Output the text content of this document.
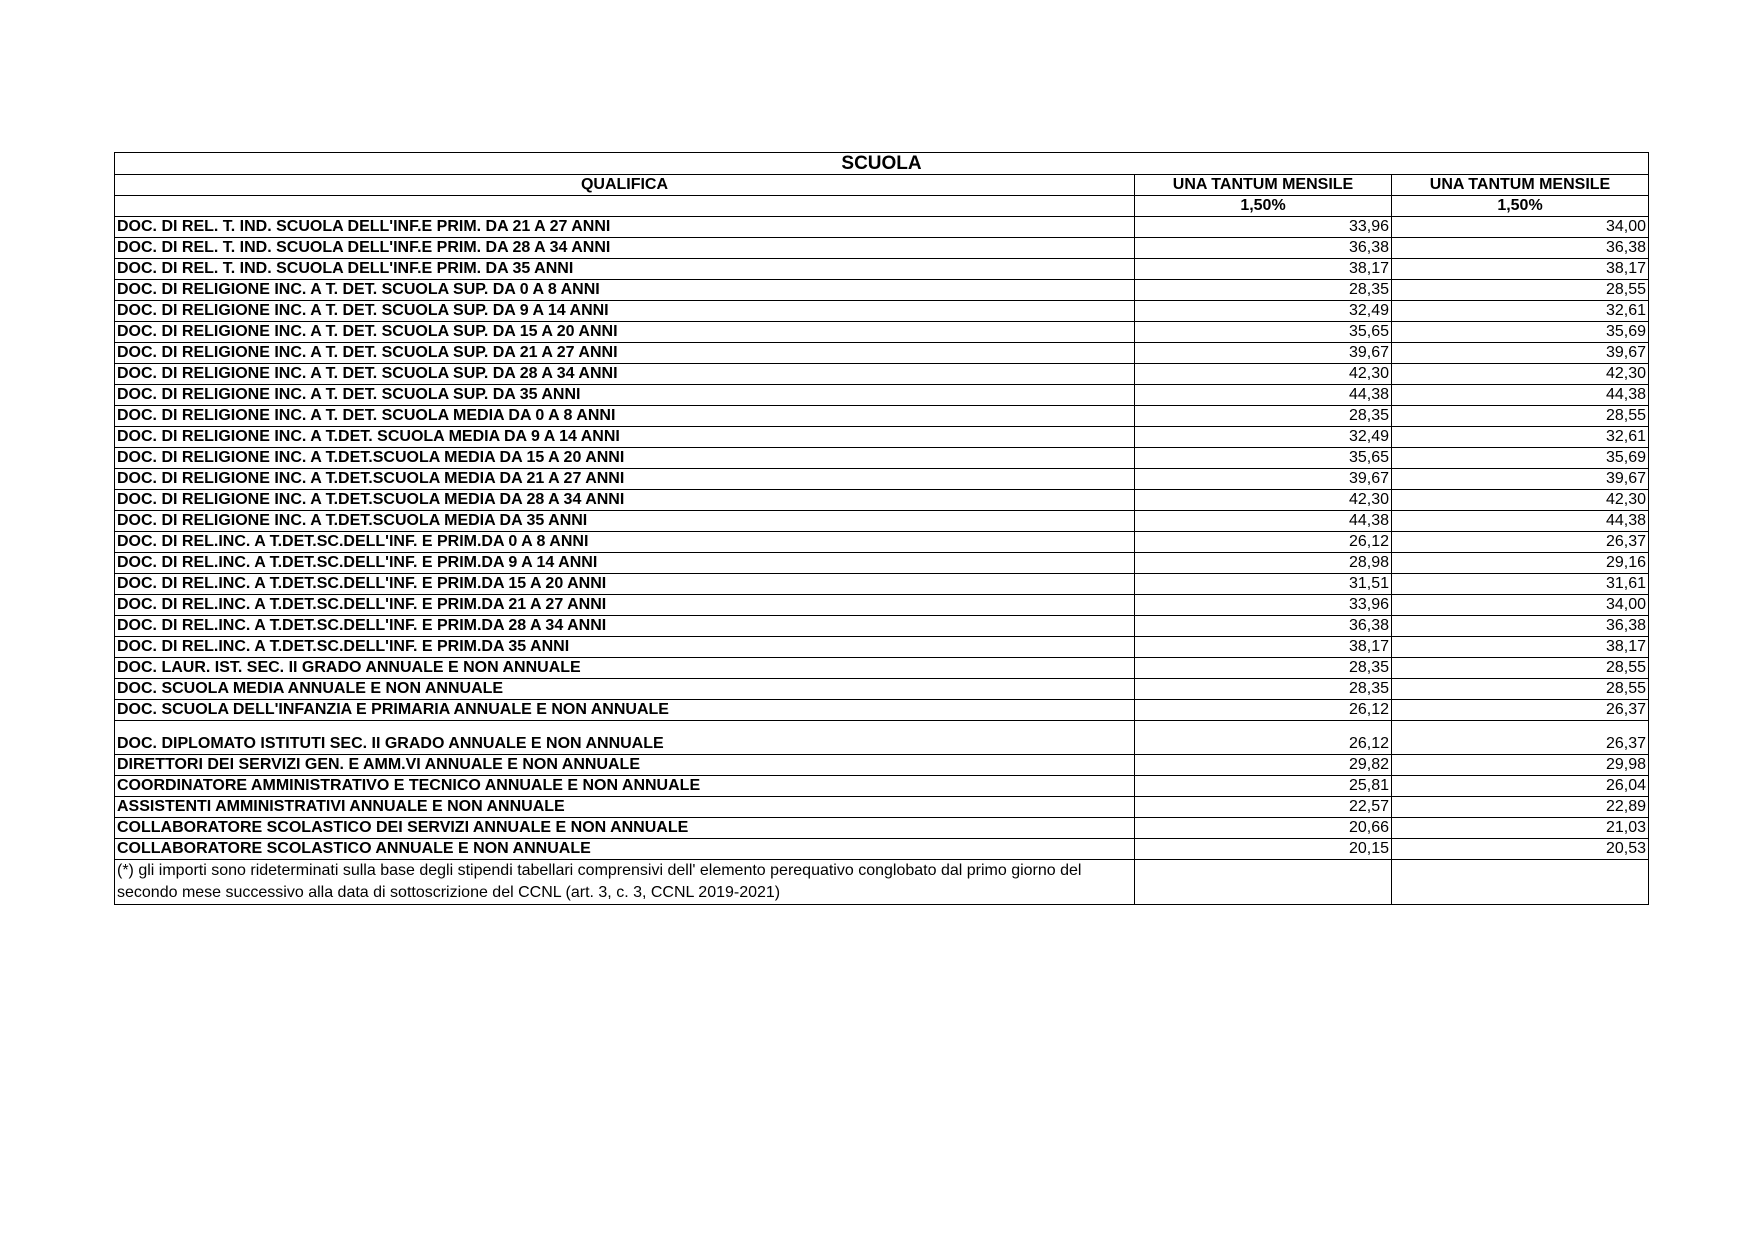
SCUOLA		
QUALIFICA	UNA TANTUM MENSILE	UNA TANTUM MENSILE
	1,50%	1,50%
DOC. DI REL. T. IND. SCUOLA DELL'INF.E PRIM. DA 21 A 27 ANNI	33,96	34,00
DOC. DI REL. T. IND. SCUOLA DELL'INF.E PRIM. DA 28 A 34 ANNI	36,38	36,38
DOC. DI REL. T. IND. SCUOLA DELL'INF.E PRIM. DA 35 ANNI	38,17	38,17
DOC. DI RELIGIONE INC. A T. DET. SCUOLA SUP. DA 0 A 8 ANNI	28,35	28,55
DOC. DI RELIGIONE INC. A T. DET. SCUOLA SUP. DA 9 A 14 ANNI	32,49	32,61
DOC. DI RELIGIONE INC. A T. DET. SCUOLA SUP. DA 15 A 20 ANNI	35,65	35,69
DOC. DI RELIGIONE INC. A T. DET. SCUOLA SUP. DA 21 A 27 ANNI	39,67	39,67
DOC. DI RELIGIONE INC. A T. DET. SCUOLA SUP. DA 28 A 34 ANNI	42,30	42,30
DOC. DI RELIGIONE INC. A T. DET. SCUOLA SUP. DA 35 ANNI	44,38	44,38
DOC. DI RELIGIONE INC. A T. DET. SCUOLA MEDIA DA 0 A 8 ANNI	28,35	28,55
DOC. DI RELIGIONE INC. A T.DET. SCUOLA MEDIA DA 9 A 14 ANNI	32,49	32,61
DOC. DI RELIGIONE INC. A T.DET.SCUOLA MEDIA DA 15 A 20 ANNI	35,65	35,69
DOC. DI RELIGIONE INC. A T.DET.SCUOLA MEDIA DA 21 A 27 ANNI	39,67	39,67
DOC. DI RELIGIONE INC. A T.DET.SCUOLA MEDIA DA 28 A 34 ANNI	42,30	42,30
DOC. DI RELIGIONE INC. A T.DET.SCUOLA MEDIA DA 35 ANNI	44,38	44,38
DOC. DI REL.INC. A T.DET.SC.DELL'INF. E PRIM.DA 0 A 8 ANNI	26,12	26,37
DOC. DI REL.INC. A T.DET.SC.DELL'INF. E PRIM.DA 9 A 14 ANNI	28,98	29,16
DOC. DI REL.INC. A T.DET.SC.DELL'INF. E PRIM.DA 15 A 20 ANNI	31,51	31,61
DOC. DI REL.INC. A T.DET.SC.DELL'INF. E PRIM.DA 21 A 27 ANNI	33,96	34,00
DOC. DI REL.INC. A T.DET.SC.DELL'INF. E PRIM.DA 28 A 34 ANNI	36,38	36,38
DOC. DI REL.INC. A T.DET.SC.DELL'INF. E PRIM.DA 35 ANNI	38,17	38,17
DOC. LAUR. IST. SEC. II GRADO ANNUALE E NON ANNUALE	28,35	28,55
DOC. SCUOLA MEDIA ANNUALE E NON ANNUALE	28,35	28,55
DOC. SCUOLA DELL'INFANZIA E PRIMARIA ANNUALE E NON ANNUALE	26,12	26,37
DOC. DIPLOMATO ISTITUTI SEC. II GRADO ANNUALE E NON ANNUALE	26,12	26,37
DIRETTORI DEI SERVIZI GEN. E AMM.VI ANNUALE E NON ANNUALE	29,82	29,98
COORDINATORE AMMINISTRATIVO E TECNICO ANNUALE E NON ANNUALE	25,81	26,04
ASSISTENTI AMMINISTRATIVI ANNUALE E NON ANNUALE	22,57	22,89
COLLABORATORE SCOLASTICO DEI SERVIZI ANNUALE E NON ANNUALE	20,66	21,03
COLLABORATORE SCOLASTICO ANNUALE E NON ANNUALE	20,15	20,53
(*) gli importi sono rideterminati sulla base degli stipendi tabellari comprensivi dell' elemento perequativo conglobato dal primo giorno del secondo mese successivo alla data di sottoscrizione del CCNL (art. 3, c. 3, CCNL 2019-2021)		
